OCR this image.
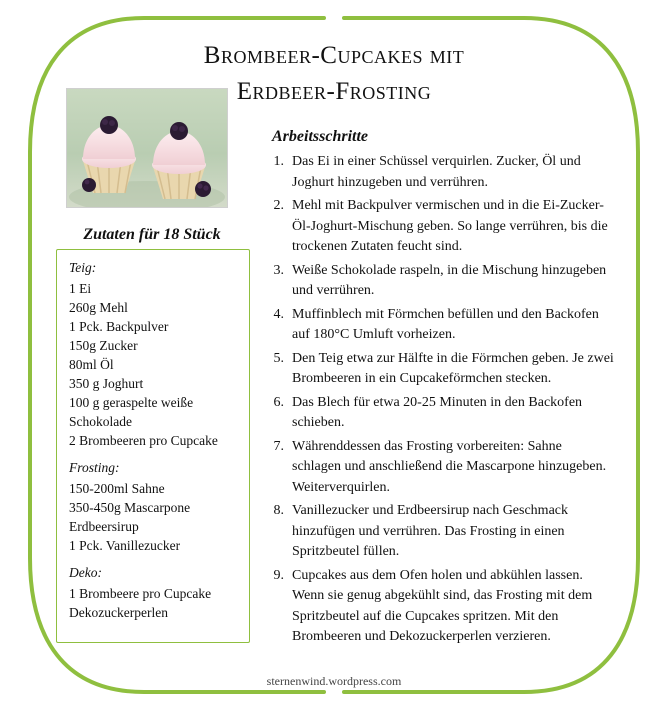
Brombeer-Cupcakes mit
Erdbeer-Frosting
Zutaten für 18 Stück
Teig:
1 Ei
260g Mehl
1 Pck. Backpulver
150g Zucker
80ml Öl
350 g Joghurt
100 g geraspelte weiße
Schokolade
2 Brombeeren pro Cupcake
Frosting:
150-200ml Sahne
350-450g Mascarpone
Erdbeersirup
1 Pck. Vanillezucker
Deko:
1 Brombeere pro Cupcake
Dekozuckerperlen
Arbeitsschritte
1. Das Ei in einer Schüssel verquirlen. Zucker, Öl und Joghurt hinzugeben und verrühren.
2. Mehl mit Backpulver vermischen und in die Ei-Zucker-Öl-Joghurt-Mischung geben. So lange verrühren, bis die trockenen Zutaten feucht sind.
3. Weiße Schokolade raspeln, in die Mischung hinzugeben und verrühren.
4. Muffinblech mit Förmchen befüllen und den Backofen auf 180°C Umluft vorheizen.
5. Den Teig etwa zur Hälfte in die Förmchen geben. Je zwei Brombeeren in ein Cupcakeförmchen stecken.
6. Das Blech für etwa 20-25 Minuten in den Backofen schieben.
7. Währenddessen das Frosting vorbereiten: Sahne schlagen und anschließend die Mascarpone hinzugeben. Weiterverquirlen.
8. Vanillezucker und Erdbeersirup nach Geschmack hinzufügen und verrühren. Das Frosting in einen Spritzbeutel füllen.
9. Cupcakes aus dem Ofen holen und abkühlen lassen. Wenn sie genug abgekühlt sind, das Frosting mit dem Spritzbeutel auf die Cupcakes spritzen. Mit den Brombeeren und Dekozuckerperlen verzieren.
sternenwind.wordpress.com
